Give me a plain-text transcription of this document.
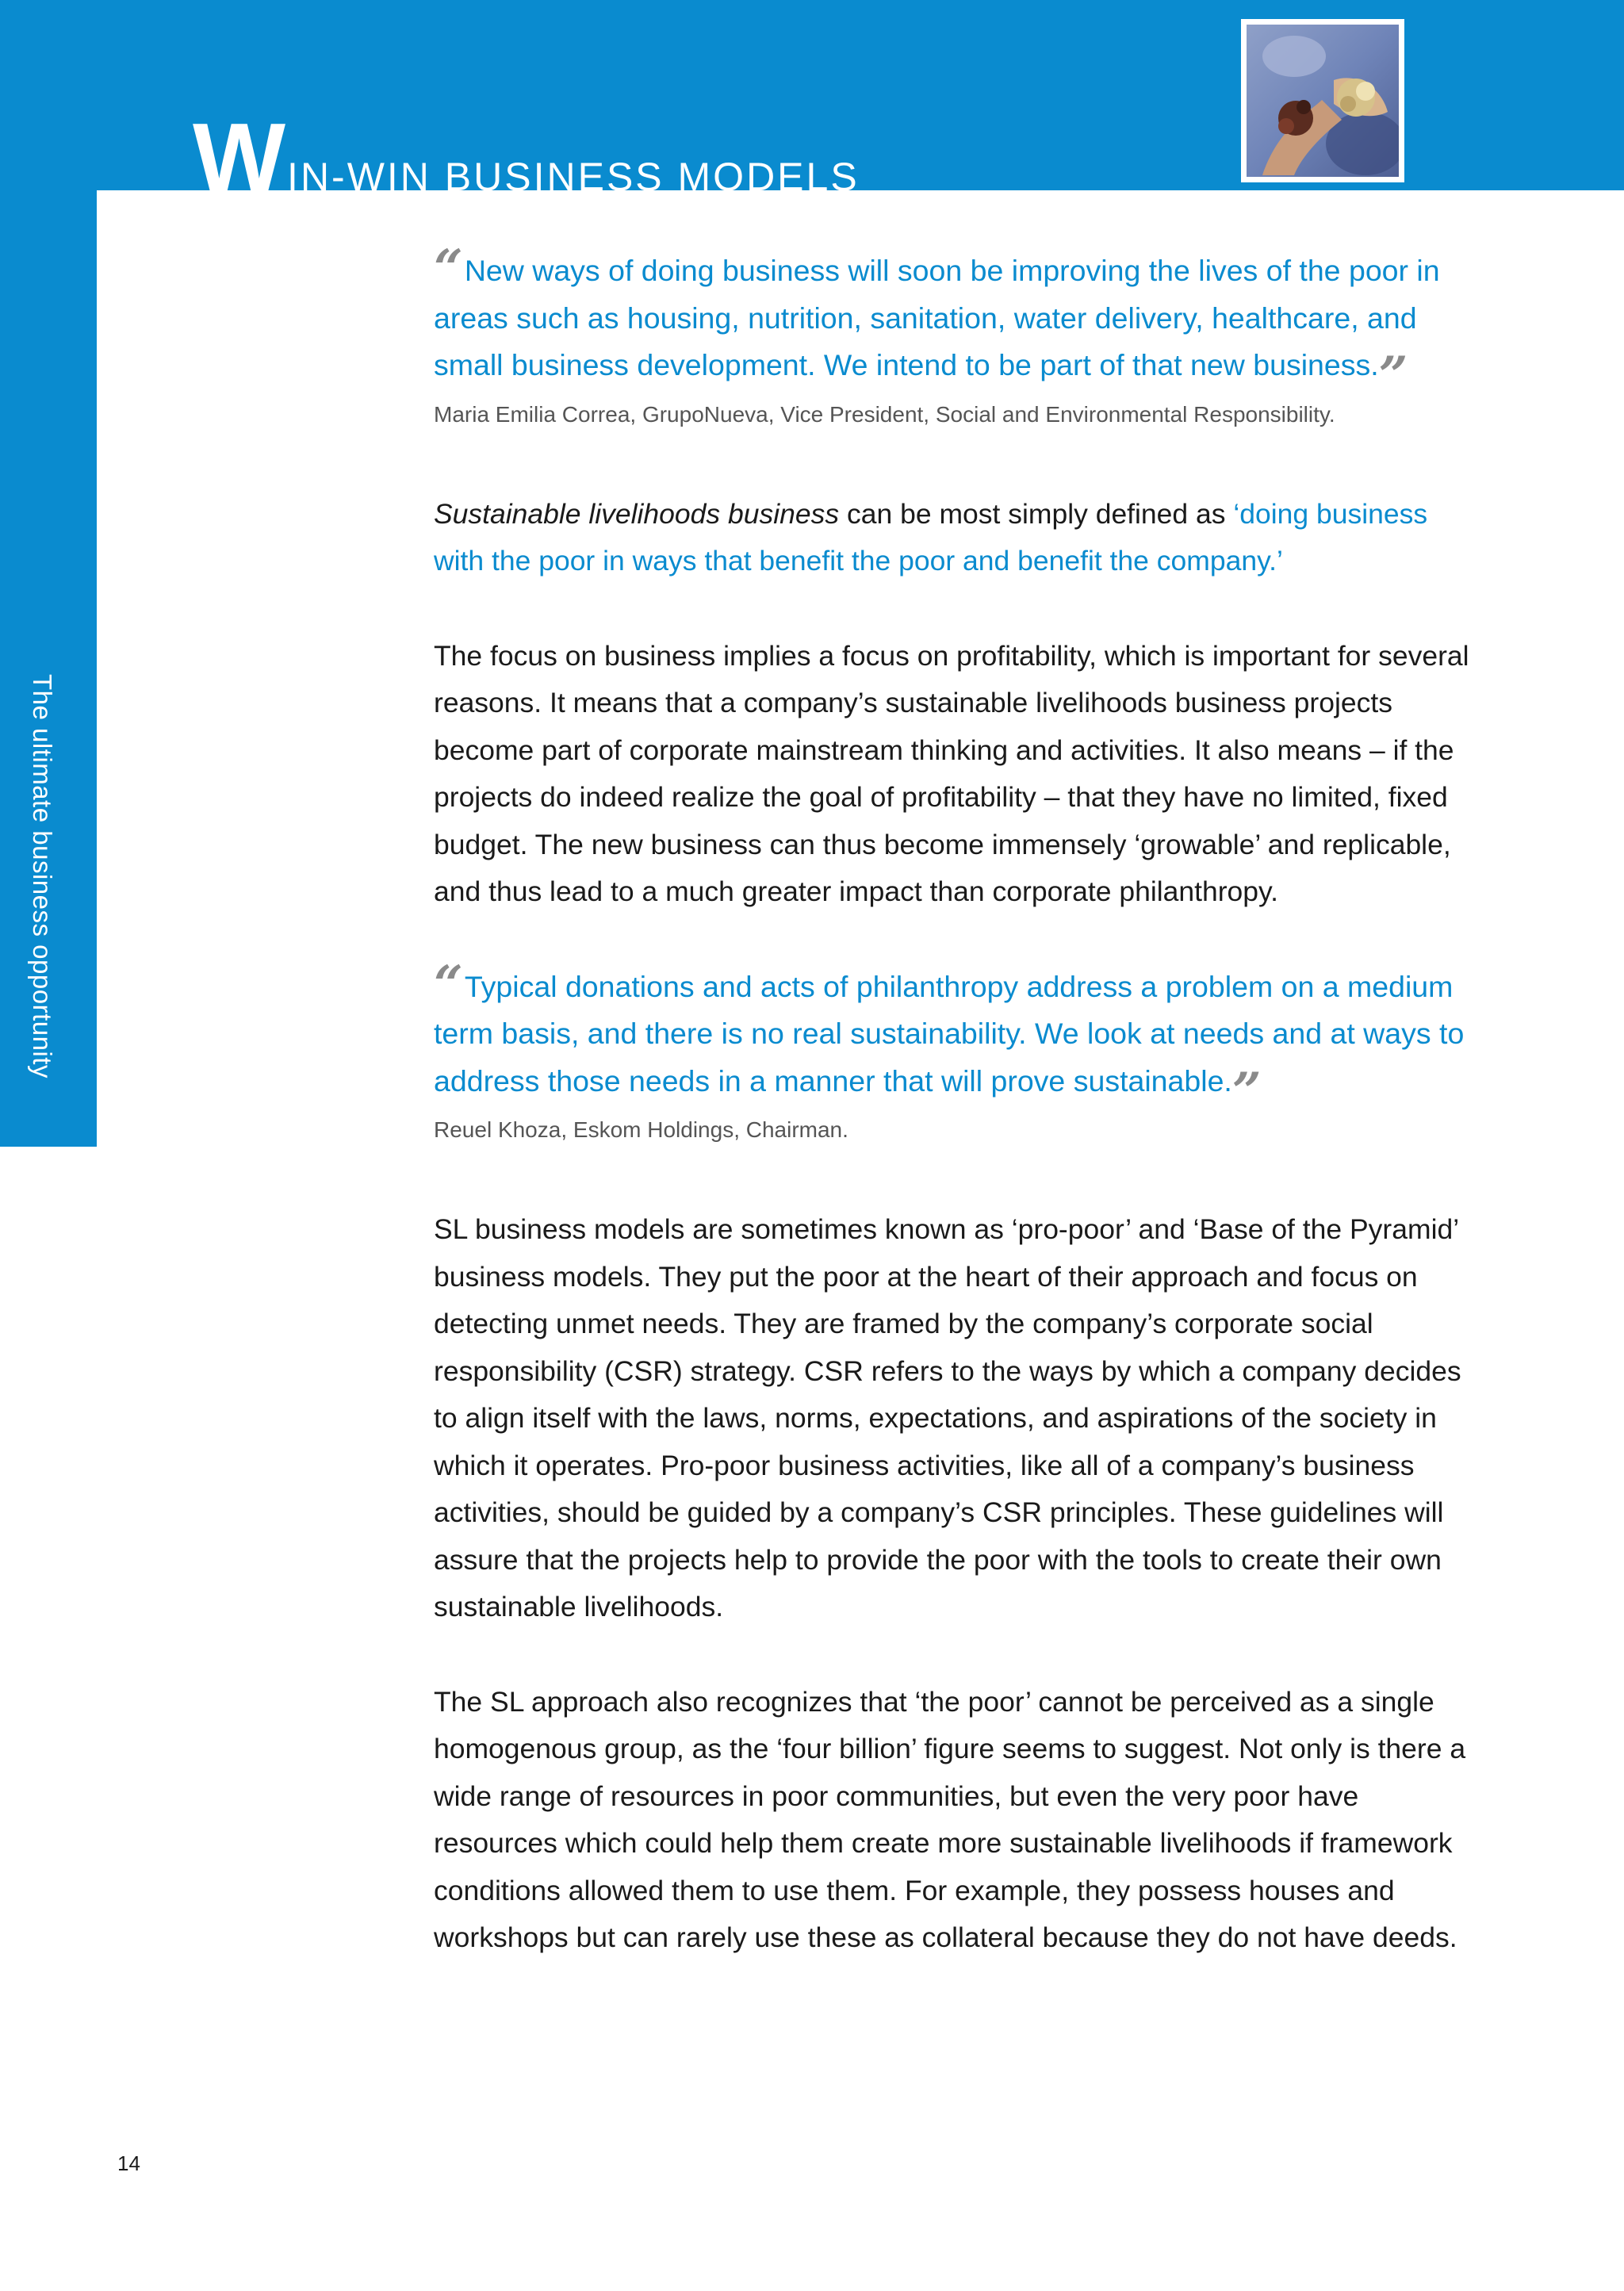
WIN-WIN BUSINESS MODELS
The ultimate business opportunity
“New ways of doing business will soon be improving the lives of the poor in areas such as housing, nutrition, sanitation, water delivery, healthcare, and small business development. We intend to be part of that new business.”
Maria Emilia Correa, GrupoNueva, Vice President, Social and Environmental Responsibility.

Sustainable livelihoods business can be most simply defined as ‘doing business with the poor in ways that benefit the poor and benefit the company.’

The focus on business implies a focus on profitability, which is important for several reasons. It means that a company’s sustainable livelihoods business projects become part of corporate mainstream thinking and activities. It also means – if the projects do indeed realize the goal of profitability – that they have no limited, fixed budget. The new business can thus become immensely ‘growable’ and replicable, and thus lead to a much greater impact than corporate philanthropy.

“Typical donations and acts of philanthropy address a problem on a medium term basis, and there is no real sustainability. We look at needs and at ways to address those needs in a manner that will prove sustainable.”
Reuel Khoza, Eskom Holdings, Chairman.

SL business models are sometimes known as ‘pro-poor’ and ‘Base of the Pyramid’ business models. They put the poor at the heart of their approach and focus on detecting unmet needs. They are framed by the company’s corporate social responsibility (CSR) strategy. CSR refers to the ways by which a company decides to align itself with the laws, norms, expectations, and aspirations of the society in which it operates. Pro-poor business activities, like all of a company’s business activities, should be guided by a company’s CSR principles. These guidelines will assure that the projects help to provide the poor with the tools to create their own sustainable livelihoods.

The SL approach also recognizes that ‘the poor’ cannot be perceived as a single homogenous group, as the ‘four billion’ figure seems to suggest. Not only is there a wide range of resources in poor communities, but even the very poor have resources which could help them create more sustainable livelihoods if framework conditions allowed them to use them. For example, they possess houses and workshops but can rarely use these as collateral because they do not have deeds.

14
